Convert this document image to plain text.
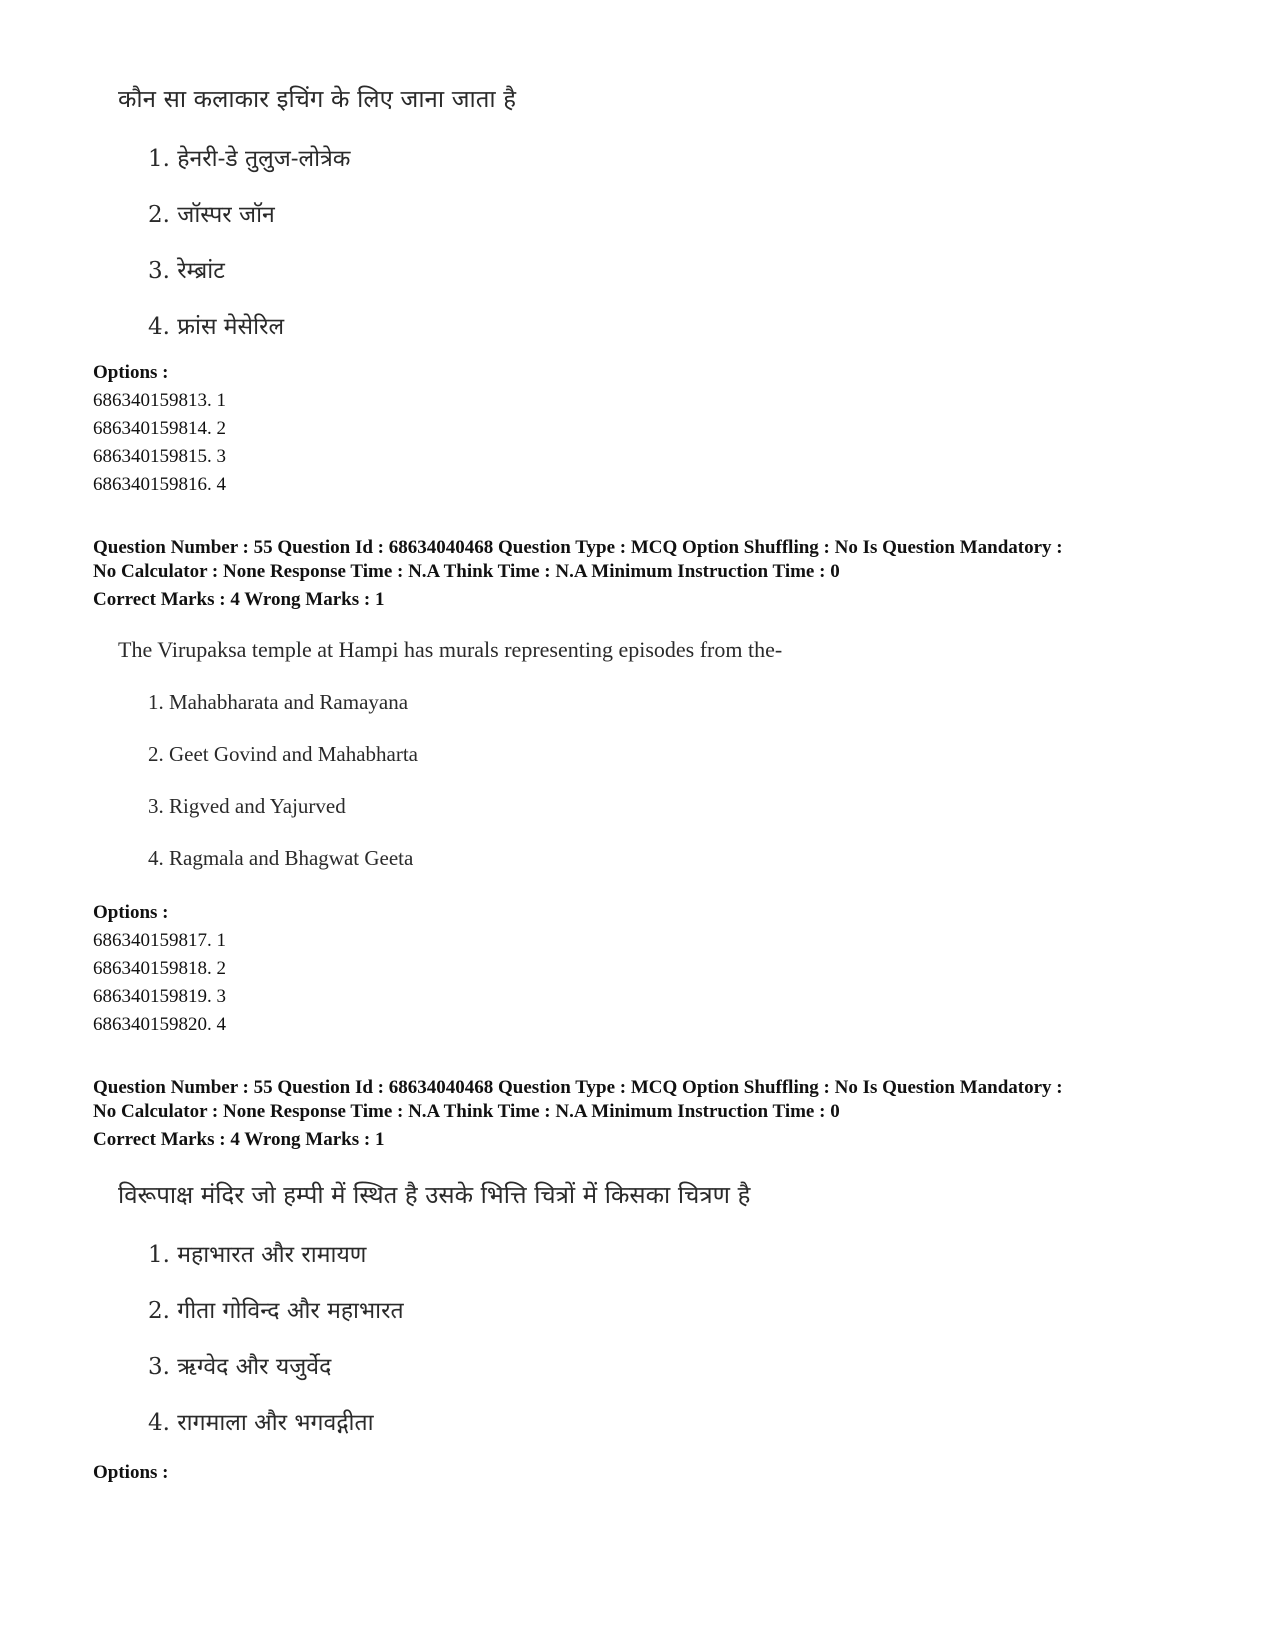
कौन सा कलाकार इचिंग के लिए जाना जाता है
1. हेनरी-डे तुलुज-लोत्रेक
2. जॉस्पर जॉन
3. रेम्ब्रांट
4. फ्रांस मेसेरिल
Options :
686340159813. 1
686340159814. 2
686340159815. 3
686340159816. 4
Question Number : 55 Question Id : 68634040468 Question Type : MCQ Option Shuffling : No Is Question Mandatory :
No Calculator : None Response Time : N.A Think Time : N.A Minimum Instruction Time : 0
Correct Marks : 4 Wrong Marks : 1
The Virupaksa temple at Hampi has murals representing episodes from the-
1. Mahabharata and Ramayana
2. Geet Govind and Mahabharta
3. Rigved and Yajurved
4. Ragmala and Bhagwat Geeta
Options :
686340159817. 1
686340159818. 2
686340159819. 3
686340159820. 4
Question Number : 55 Question Id : 68634040468 Question Type : MCQ Option Shuffling : No Is Question Mandatory :
No Calculator : None Response Time : N.A Think Time : N.A Minimum Instruction Time : 0
Correct Marks : 4 Wrong Marks : 1
विरूपाक्ष मंदिर जो हम्पी में स्थित है उसके भित्ति चित्रों में किसका चित्रण है
1. महाभारत और रामायण
2. गीता गोविन्द और महाभारत
3. ऋग्वेद और यजुर्वेद
4. रागमाला और भगवद्गीता
Options :
